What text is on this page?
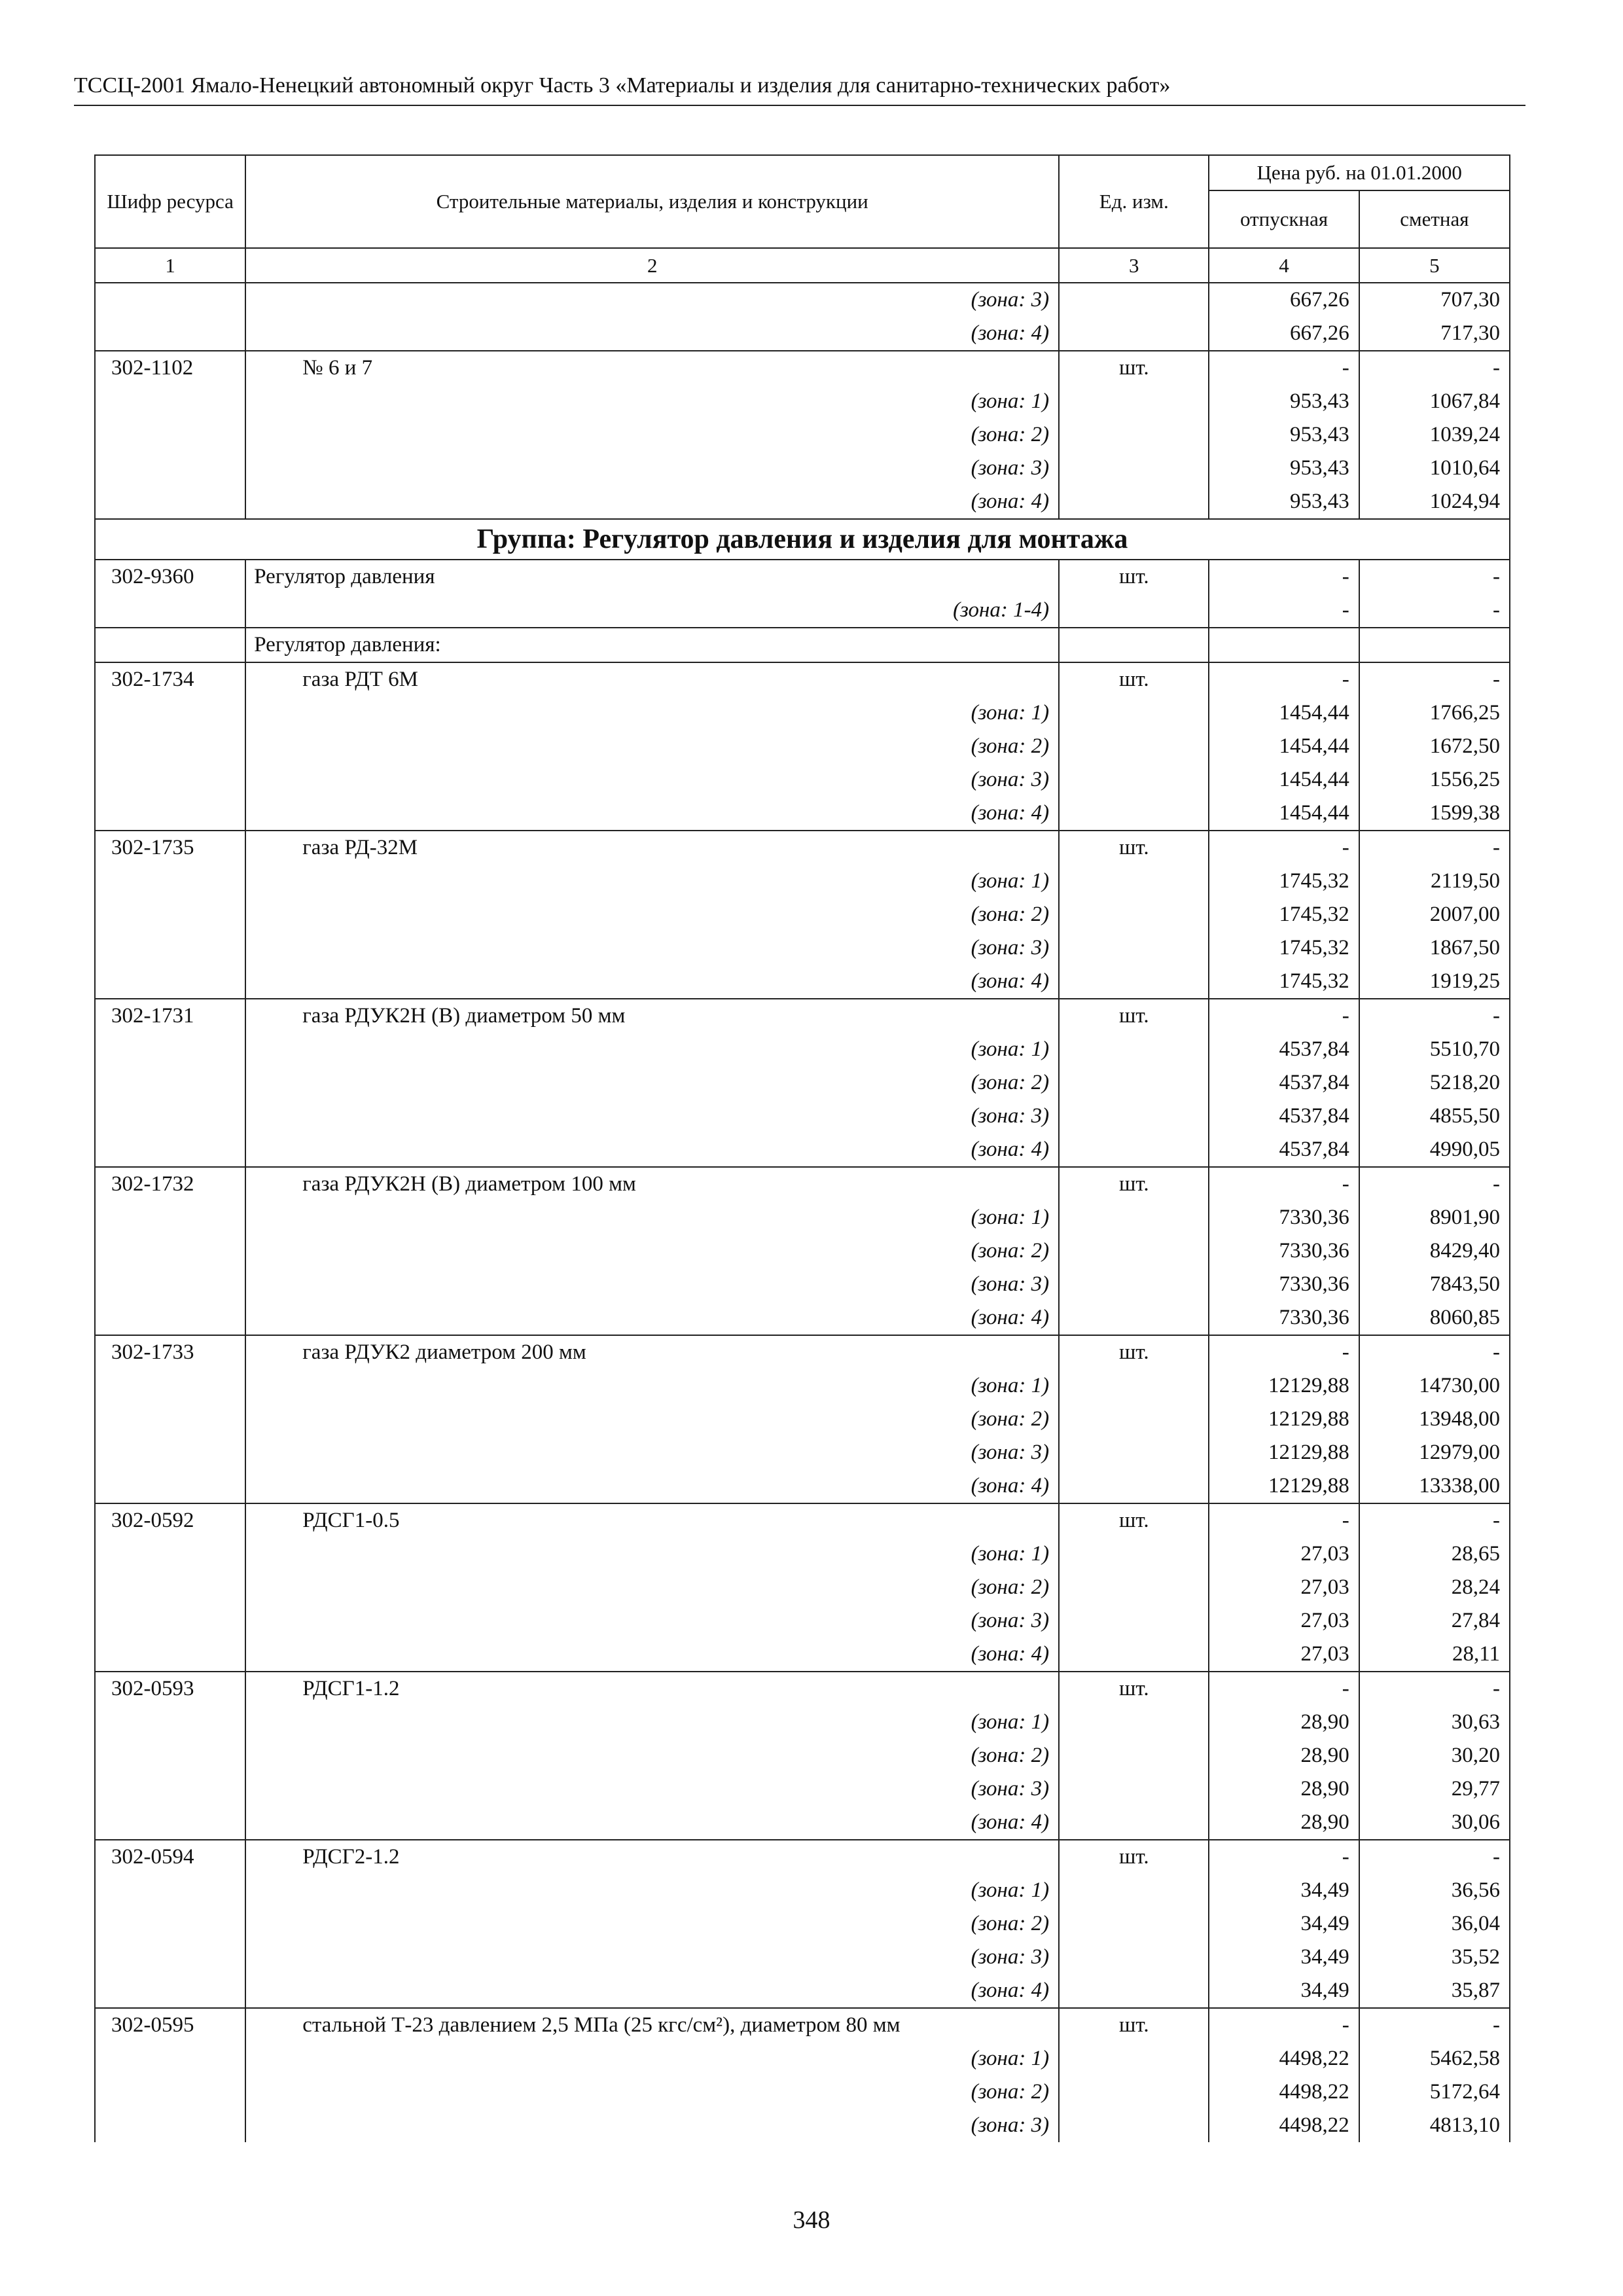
ТССЦ-2001 Ямало-Ненецкий автономный округ Часть 3 «Материалы и изделия для санитарно-технических работ»
Шифр ресурса	Строительные материалы, изделия и конструкции	Ед. изм.	Цена руб. на 01.01.2000	
			отпускная	сметная
1	2	3	4	5
	(зона: 3)		667,26	707,30
	(зона: 4)		667,26	717,30
302-1102	№ 6 и 7	шт.	-	-
	(зона: 1)		953,43	1067,84
	(зона: 2)		953,43	1039,24
	(зона: 3)		953,43	1010,64
	(зона: 4)		953,43	1024,94
Группа: Регулятор давления и изделия для монтажа				
302-9360	Регулятор давления	шт.	-	-
	(зона: 1-4)		-	-
	Регулятор давления:			
302-1734	газа РДТ 6М	шт.	-	-
	(зона: 1)		1454,44	1766,25
	(зона: 2)		1454,44	1672,50
	(зона: 3)		1454,44	1556,25
	(зона: 4)		1454,44	1599,38
302-1735	газа РД-32М	шт.	-	-
	(зона: 1)		1745,32	2119,50
	(зона: 2)		1745,32	2007,00
	(зона: 3)		1745,32	1867,50
	(зона: 4)		1745,32	1919,25
302-1731	газа РДУК2Н (В) диаметром 50 мм	шт.	-	-
	(зона: 1)		4537,84	5510,70
	(зона: 2)		4537,84	5218,20
	(зона: 3)		4537,84	4855,50
	(зона: 4)		4537,84	4990,05
302-1732	газа РДУК2Н (В) диаметром 100 мм	шт.	-	-
	(зона: 1)		7330,36	8901,90
	(зона: 2)		7330,36	8429,40
	(зона: 3)		7330,36	7843,50
	(зона: 4)		7330,36	8060,85
302-1733	газа РДУК2 диаметром 200 мм	шт.	-	-
	(зона: 1)		12129,88	14730,00
	(зона: 2)		12129,88	13948,00
	(зона: 3)		12129,88	12979,00
	(зона: 4)		12129,88	13338,00
302-0592	РДСГ1-0.5	шт.	-	-
	(зона: 1)		27,03	28,65
	(зона: 2)		27,03	28,24
	(зона: 3)		27,03	27,84
	(зона: 4)		27,03	28,11
302-0593	РДСГ1-1.2	шт.	-	-
	(зона: 1)		28,90	30,63
	(зона: 2)		28,90	30,20
	(зона: 3)		28,90	29,77
	(зона: 4)		28,90	30,06
302-0594	РДСГ2-1.2	шт.	-	-
	(зона: 1)		34,49	36,56
	(зона: 2)		34,49	36,04
	(зона: 3)		34,49	35,52
	(зона: 4)		34,49	35,87
302-0595	стальной Т-23 давлением 2,5 МПа (25 кгс/см²), диаметром 80 мм	шт.	-	-
	(зона: 1)		4498,22	5462,58
	(зона: 2)		4498,22	5172,64
	(зона: 3)		4498,22	4813,10
348
